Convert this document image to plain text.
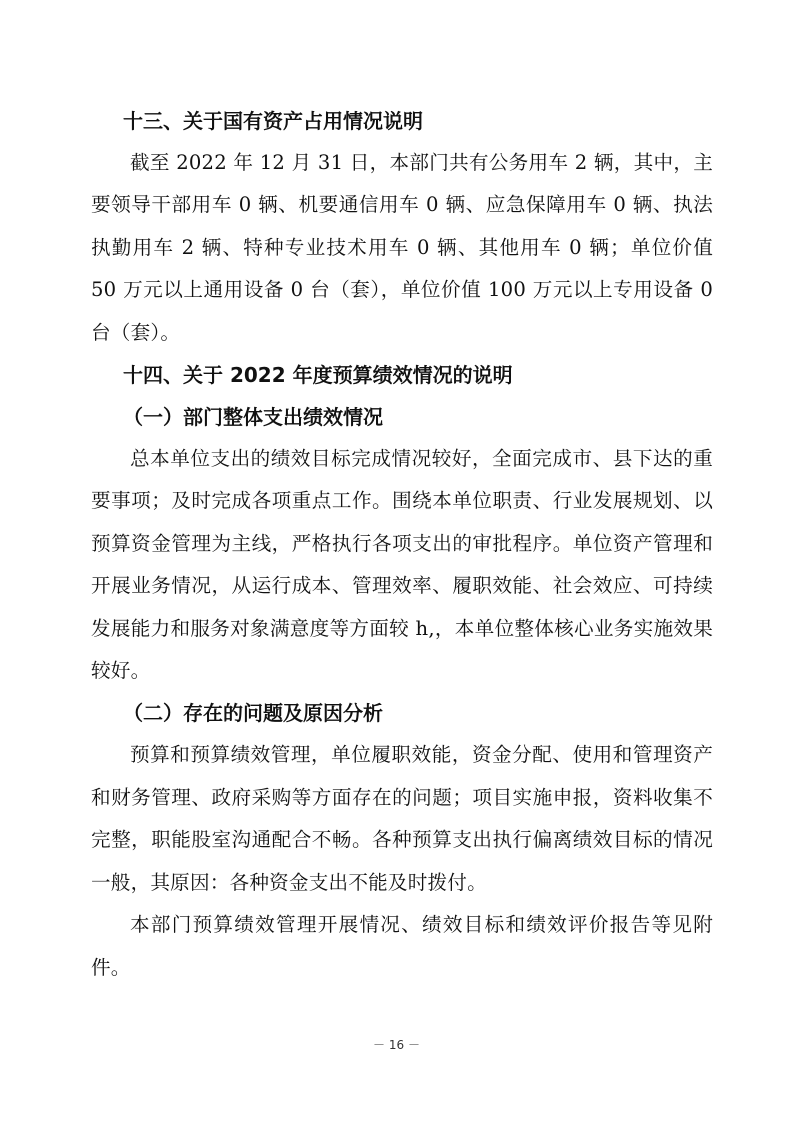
十三、关于国有资产占用情况说明

截至 2022 年 12 月 31 日，本部门共有公务用车 2 辆，其中，主要领导干部用车 0 辆、机要通信用车 0 辆、应急保障用车 0 辆、执法执勤用车 2 辆、特种专业技术用车 0 辆、其他用车 0 辆；单位价值 50 万元以上通用设备 0 台（套），单位价值 100 万元以上专用设备 0 台（套）。

十四、关于 2022 年度预算绩效情况的说明

（一）部门整体支出绩效情况

总本单位支出的绩效目标完成情况较好，全面完成市、县下达的重要事项；及时完成各项重点工作。围绕本单位职责、行业发展规划、以预算资金管理为主线，严格执行各项支出的审批程序。单位资产管理和开展业务情况，从运行成本、管理效率、履职效能、社会效应、可持续发展能力和服务对象满意度等方面较 h,，本单位整体核心业务实施效果较好。

（二）存在的问题及原因分析

预算和预算绩效管理，单位履职效能，资金分配、使用和管理资产和财务管理、政府采购等方面存在的问题；项目实施申报，资料收集不完整，职能股室沟通配合不畅。各种预算支出执行偏离绩效目标的情况一般，其原因：各种资金支出不能及时拨付。

本部门预算绩效管理开展情况、绩效目标和绩效评价报告等见附件。

－ 16 －
